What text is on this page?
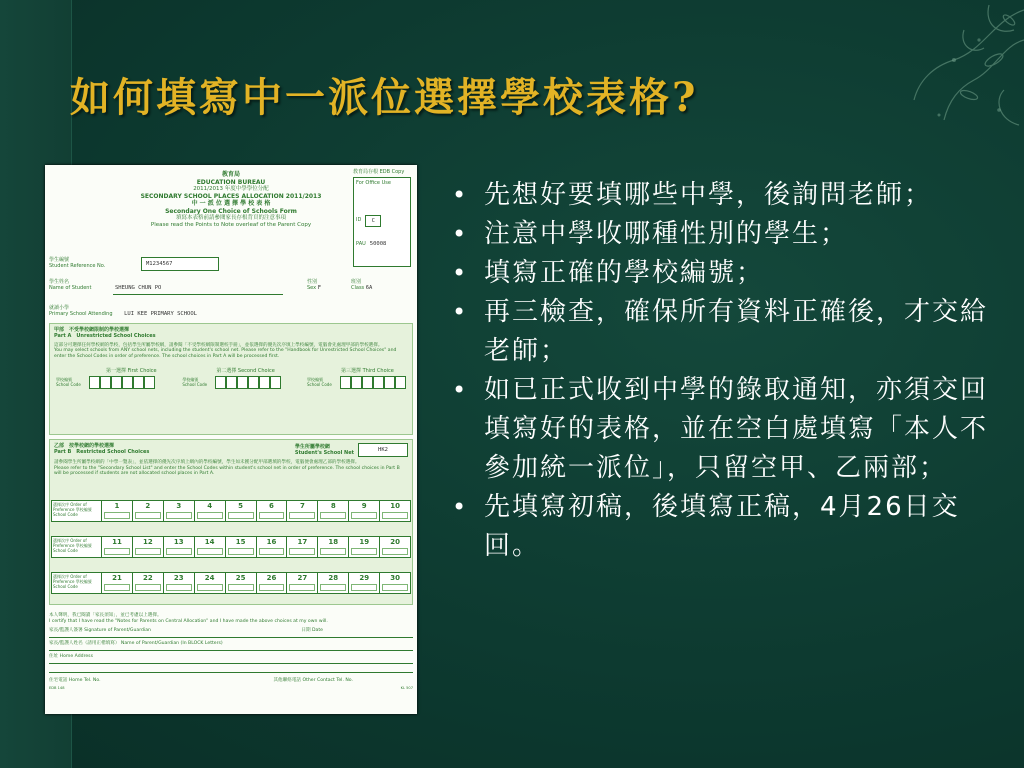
如何填寫中一派位選擇學校表格?
教育局
EDUCATION BUREAU
2011/2013 年度中學學位分配
SECONDARY SCHOOL PLACES ALLOCATION 2011/2013
中 一 派 位 選 擇 學 校 表 格
Secondary One Choice of Schools Form
填寫本表格前請參閱家長存根背頁的注意事項
Please read the Points to Note overleaf of the Parent Copy
教育局存根 EDB Copy
For Office Use
ID	C
PAU 50008
學生編號
Student Reference No.	M1234567
學生姓名
Name of Student	SHEUNG CHUN PO
性別
Sex F
班別
Class 6A
就讀小學
Primary School Attending LUI KEE PRIMARY SCHOOL
甲部　不受學校網限制的學校選擇
Part A　Unrestricted School Choices
這部分可選擇任何學校網的學校，包括學生所屬學校網，請參閱「不受學校網限制選校手冊」，並依選擇的優先次序填上學校編號，電腦會先處理甲部的學校選擇。
You may select schools from ANY school nets, including the student's school net. Please refer to the "Handbook for Unrestricted School Choices" and enter the School Codes in order of preference. The school choices in Part A will be processed first.
第一選擇 First Choice
學校編號 School Code
第二選擇 Second Choice
學校編號 School Code
第三選擇 Third Choice
學校編號 School Code
乙部　按學校網的學校選擇
Part B　Restricted School Choices
學生所屬學校網
Student's School Net	HK2
請參閱學生所屬學校網的「中學一覽表」，並依選擇的優先次序填上網內的學校編號，學生如未獲分配甲部選填的學校，電腦便會處理乙部的學校選擇。
Please refer to the "Secondary School List" and enter the School Codes within student's school net in order of preference. The school choices in Part B will be processed if students are not allocated school places in Part A.
選擇次序 Order of Preference 學校編號 School Code
1	2	3	4	5	6	7	8	9	10
選擇次序 Order of Preference 學校編號 School Code
11	12	13	14	15	16	17	18	19	20
選擇次序 Order of Preference 學校編號 School Code
21	22	23	24	25	26	27	28	29	30
本人聲明，我已閱讀「家長須知」，並已考慮以上選擇。
I certify that I have read the "Notes for Parents on Central Allocation" and I have made the above choices at my own will.
家長/監護人簽署 Signature of Parent/Guardian	日期 Date
家長/監護人姓名（請用正楷填寫） Name of Parent/Guardian (In BLOCK Letters)
住址 Home Address
住宅電話 Home Tel. No.	其他聯絡電話 Other Contact Tel. No.
EDB 148	KL 507
• 先想好要填哪些中學，後詢問老師；
• 注意中學收哪種性別的學生；
• 填寫正確的學校編號；
• 再三檢查，確保所有資料正確後，才交給老師；
• 如已正式收到中學的錄取通知，亦須交回填寫好的表格，並在空白處填寫「本人不參加統一派位」，只留空甲、乙兩部；
• 先填寫初稿，後填寫正稿，4月26日交回。
